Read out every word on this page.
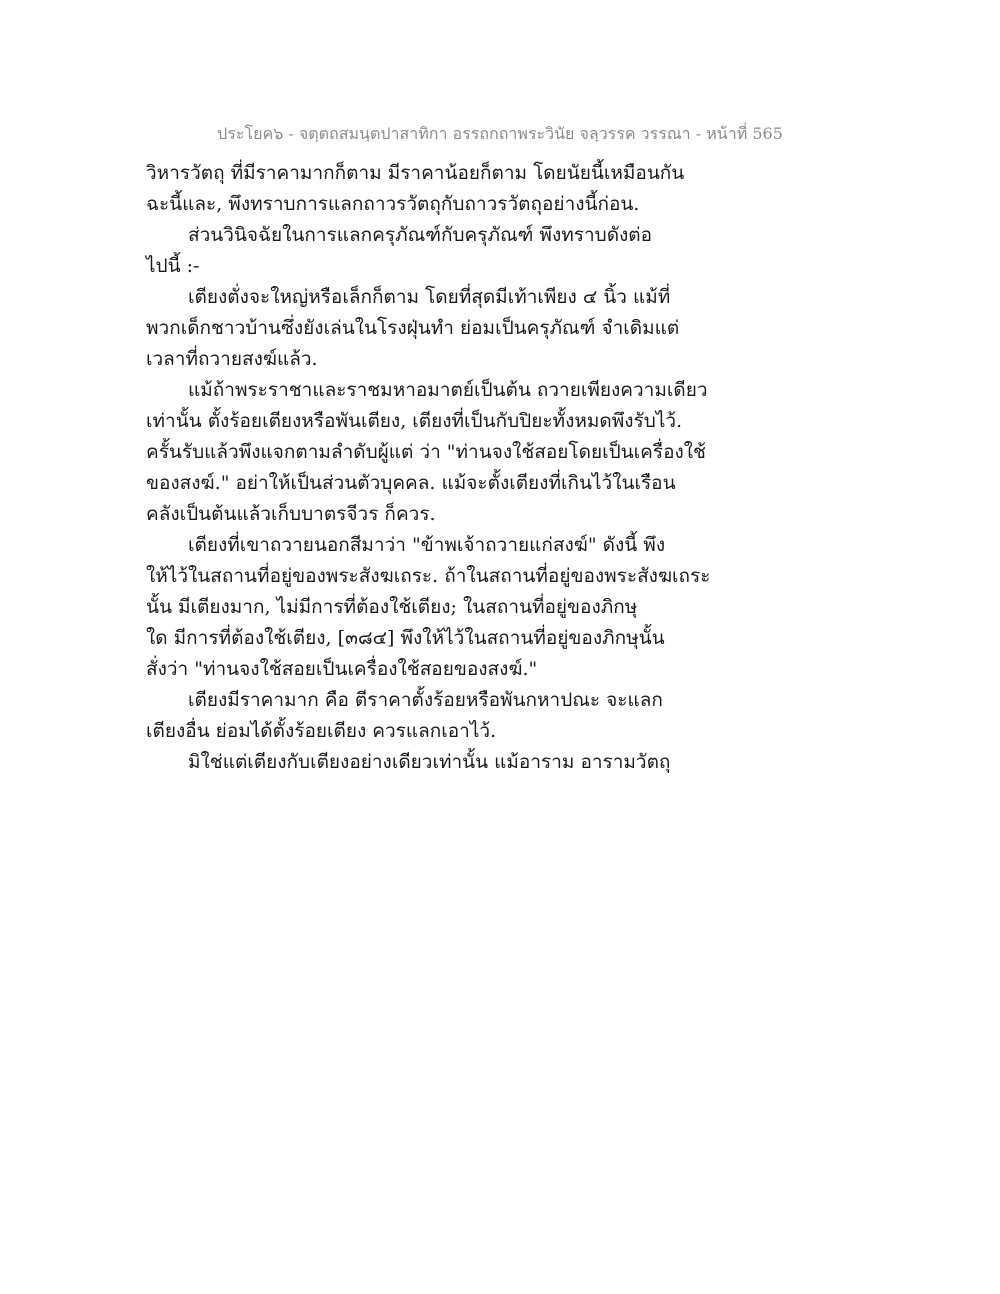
ประโยค๖ - จตฺตถสมนฺตปาสาทิกา อรรถกถาพระวินัย จลฺวรรค วรรณา - หน้าที่ 565
วิหารวัตถุ ที่มีราคามากก็ตาม มีราคาน้อยก็ตาม โดยนัยนี้เหมือนกัน
ฉะนี้และ, พึงทราบการแลกถาวรวัตถุกับถาวรวัตถุอย่างนี้ก่อน.
ส่วนวินิจฉัยในการแลกครุภัณฑ์กับครุภัณฑ์ พึงทราบดังต่อ
ไปนี้ :-
เตียงตั่งจะใหญ่หรือเล็กก็ตาม โดยที่สุดมีเท้าเพียง ๔ นิ้ว แม้ที่
พวกเด็กชาวบ้านซึ่งยังเล่นในโรงฝุ่นทำ ย่อมเป็นครุภัณฑ์ จำเดิมแต่
เวลาที่ถวายสงฆ์แล้ว.
แม้ถ้าพระราชาและราชมหาอมาตย์เป็นต้น ถวายเพียงความเดียว
เท่านั้น ตั้งร้อยเตียงหรือพันเตียง, เตียงที่เป็นกับปิยะทั้งหมดพึงรับไว้.
ครั้นรับแล้วพึงแจกตามลำดับผู้แต่ ว่า "ท่านจงใช้สอยโดยเป็นเครื่องใช้
ของสงฆ์." อย่าให้เป็นส่วนตัวบุคคล. แม้จะตั้งเตียงที่เกินไว้ในเรือน
คลังเป็นต้นแล้วเก็บบาตรจีวร ก็ควร.
เตียงที่เขาถวายนอกสีมาว่า "ข้าพเจ้าถวายแก่สงฆ์" ดังนี้ พึง
ให้ไว้ในสถานที่อยู่ของพระสังฆเถระ. ถ้าในสถานที่อยู่ของพระสังฆเถระ
นั้น มีเตียงมาก, ไม่มีการที่ต้องใช้เตียง; ในสถานที่อยู่ของภิกษุ
ใด มีการที่ต้องใช้เตียง, [๓๘๔] พึงให้ไว้ในสถานที่อยู่ของภิกษุนั้น
สั่งว่า "ท่านจงใช้สอยเป็นเครื่องใช้สอยของสงฆ์."
เตียงมีราคามาก คือ ตีราคาตั้งร้อยหรือพันกหาปณะ จะแลก
เตียงอื่น ย่อมได้ตั้งร้อยเตียง ควรแลกเอาไว้.
มิใช่แต่เตียงกับเตียงอย่างเดียวเท่านั้น แม้อาราม อารามวัตถุ
